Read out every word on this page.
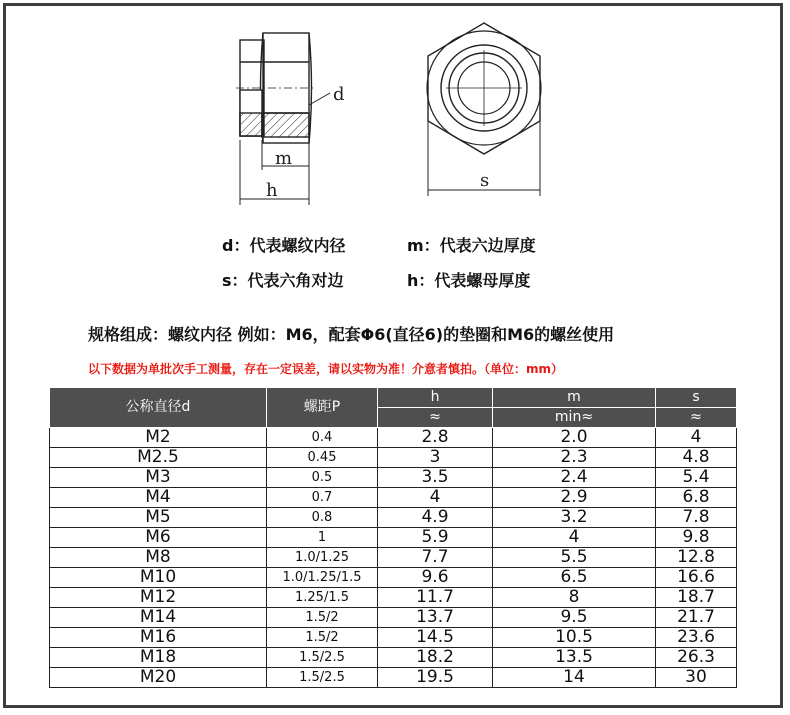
d
m
h	s
d：代表螺纹内径	m：代表六边厚度
s：代表六角对边	h：代表螺母厚度
规格组成：螺纹内径 例如：M6，配套Φ6(直径6)的垫圈和M6的螺丝使用
以下数据为单批次手工测量，存在一定误差，请以实物为准！介意者慎拍。（单位：mm）
公称直径d	螺距P	h	m	s
		≈	min≈	≈
M2	0.4	2.8	2.0	4
M2.5	0.45	3	2.3	4.8
M3	0.5	3.5	2.4	5.4
M4	0.7	4	2.9	6.8
M5	0.8	4.9	3.2	7.8
M6	1	5.9	4	9.8
M8	1.0/1.25	7.7	5.5	12.8
M10	1.0/1.25/1.5	9.6	6.5	16.6
M12	1.25/1.5	11.7	8	18.7
M14	1.5/2	13.7	9.5	21.7
M16	1.5/2	14.5	10.5	23.6
M18	1.5/2.5	18.2	13.5	26.3
M20	1.5/2.5	19.5	14	30
